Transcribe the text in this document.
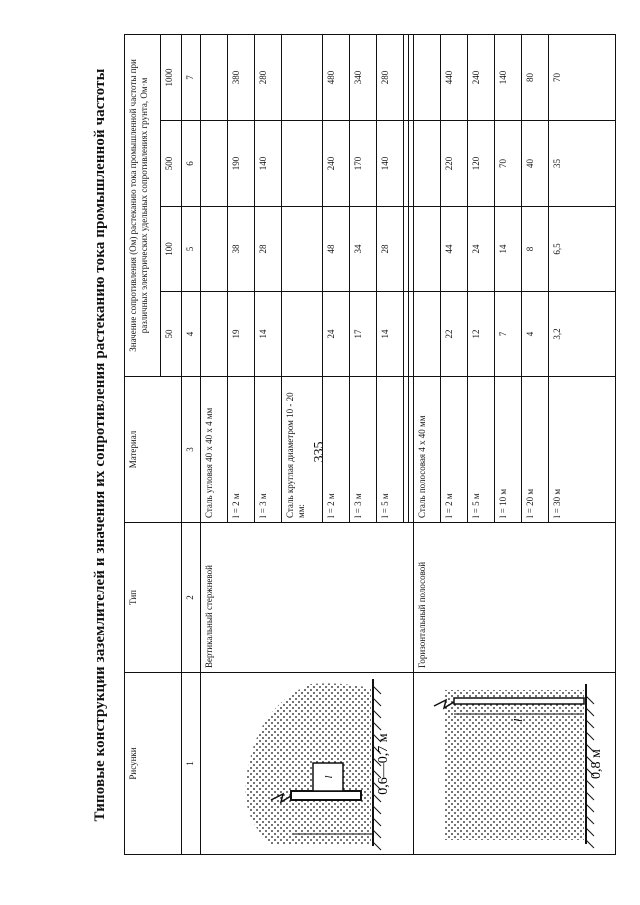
335
Типовые конструкции заземлителей и значения их сопротивления растеканию тока промышленной частоты Рисунки	Тип	Материал	Значение сопротивления (Ом) растеканию тока промышленной частоты при различных электрических удельных сопротивлениях грунта, Ом·м			
			50	100	500	1000
1	2	3	4	5	6	7

l 0,6—0,7 м	Вертикальный стержневой	Сталь угловая 40 х 40 х 4 мм				
		l = 2 м	19	38	190	380
		l = 3 м	14	28	140	280
		Сталь круглая диаметром 10 - 20 мм:				
		l = 2 м	24	48	240	480
		l = 3 м	17	34	170	340
		l = 5 м	14	28	140	280

l
0,8 м	Горизонтальный полосовой	Сталь полосовая 4 х 40 мм				
		l = 2 м	22	44	220	440
		l = 5 м	12	24	120	240
		l = 10 м	7	14	70	140
		l = 20 м	4	8	40	80
		l = 30 м	3,2	6,5	35	70
